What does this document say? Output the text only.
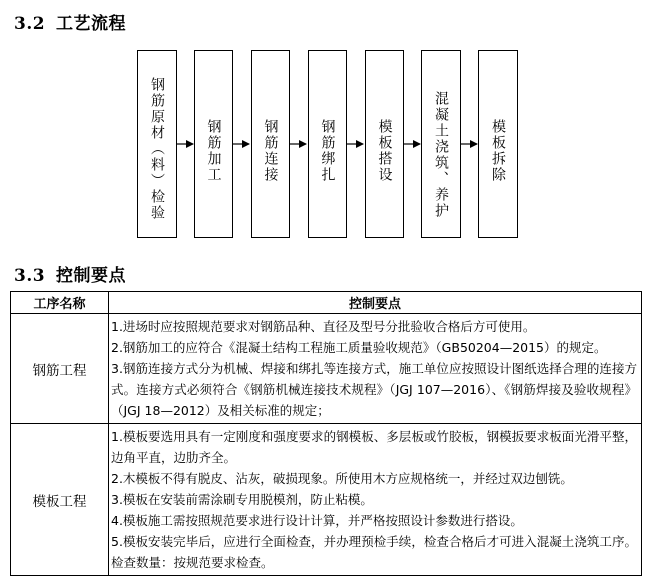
3.2 工艺流程
钢筋原材（料）检验	钢筋加工	钢筋连接	钢筋绑扎	模板搭设	混凝土浇筑、养护	模板拆除
3.3 控制要点
工序名称	控制要点
钢筋工程	1.进场时应按照规范要求对钢筋品种、直径及型号分批验收合格后方可使用。
2.钢筋加工的应符合《混凝土结构工程施工质量验收规范》（GB50204—2015）的规定。
3.钢筋连接方式分为机械、焊接和绑扎等连接方式，施工单位应按照设计图纸选择合理的连接方式。连接方式必须符合《钢筋机械连接技术规程》（JGJ 107—2016）、《钢筋焊接及验收规程》（JGJ 18—2012）及相关标准的规定；

模板工程	1.模板要选用具有一定刚度和强度要求的钢模板、多层板或竹胶板，钢模扳要求板面光滑平整，边角平直，边肋齐全。
2.木模板不得有脱皮、沾灰，破损现象。所使用木方应规格统一，并经过双边刨铣。
3.模板在安装前需涂刷专用脱模剂，防止粘模。
4.模板施工需按照规范要求进行设计计算，并严格按照设计参数进行搭设。
5.模板安装完毕后，应进行全面检查，并办理预检手续，检查合格后才可进入混凝土浇筑工序。检查数量：按规范要求检查。
